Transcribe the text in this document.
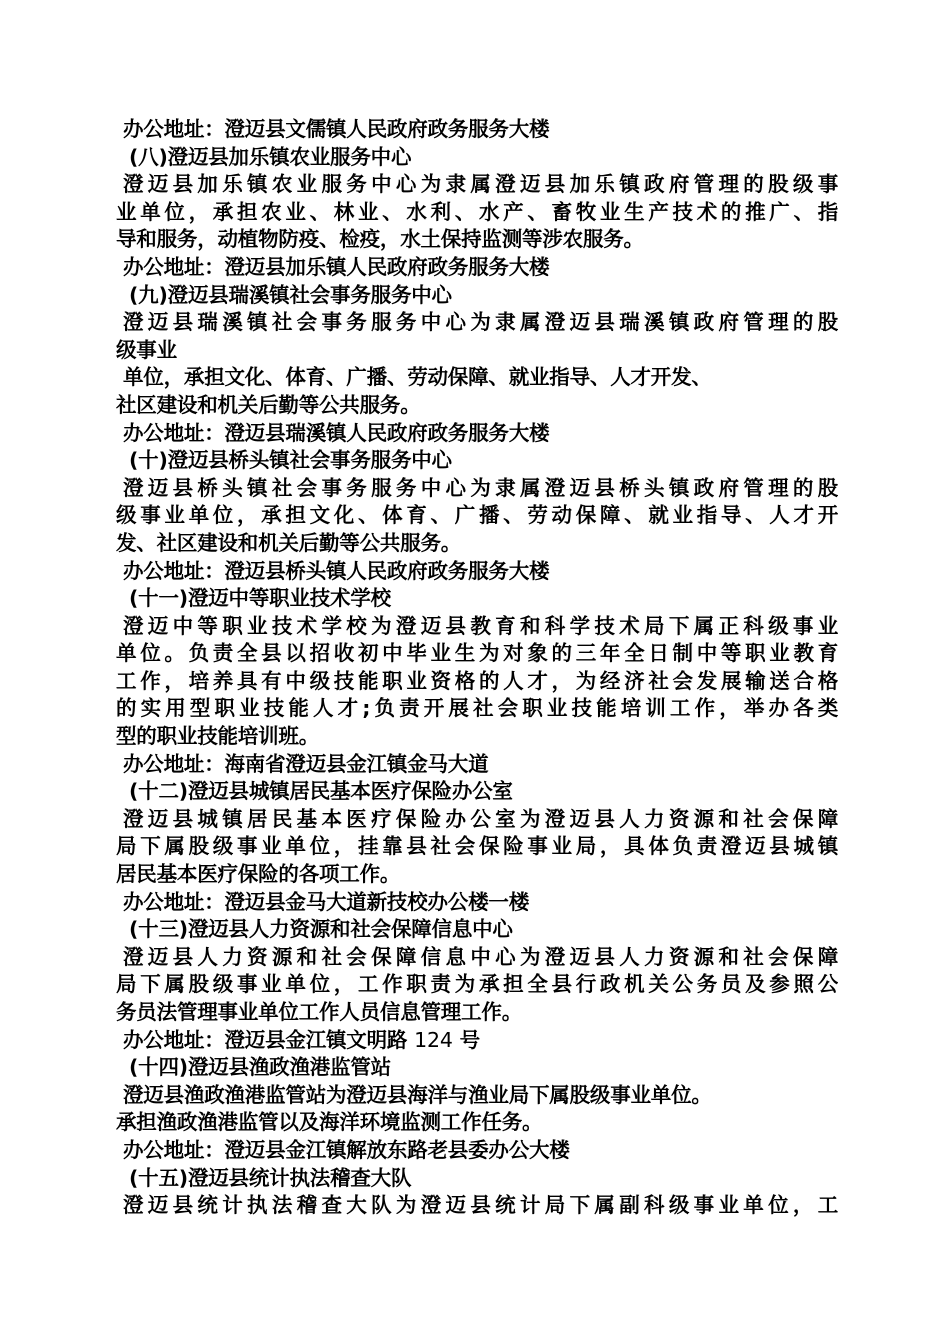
办公地址：澄迈县文儒镇人民政府政务服务大楼
(八)澄迈县加乐镇农业服务中心
澄迈县加乐镇农业服务中心为隶属澄迈县加乐镇政府管理的股级事
业单位，承担农业、林业、水利、水产、畜牧业生产技术的推广、指
导和服务，动植物防疫、检疫，水土保持监测等涉农服务。
办公地址：澄迈县加乐镇人民政府政务服务大楼
(九)澄迈县瑞溪镇社会事务服务中心
澄迈县瑞溪镇社会事务服务中心为隶属澄迈县瑞溪镇政府管理的股
级事业
单位，承担文化、体育、广播、劳动保障、就业指导、人才开发、
社区建设和机关后勤等公共服务。
办公地址：澄迈县瑞溪镇人民政府政务服务大楼
(十)澄迈县桥头镇社会事务服务中心
澄迈县桥头镇社会事务服务中心为隶属澄迈县桥头镇政府管理的股
级事业单位，承担文化、体育、广播、劳动保障、就业指导、人才开
发、社区建设和机关后勤等公共服务。
办公地址：澄迈县桥头镇人民政府政务服务大楼
(十一)澄迈中等职业技术学校
澄迈中等职业技术学校为澄迈县教育和科学技术局下属正科级事业
单位。负责全县以招收初中毕业生为对象的三年全日制中等职业教育
工作，培养具有中级技能职业资格的人才，为经济社会发展输送合格
的实用型职业技能人才;负责开展社会职业技能培训工作，举办各类
型的职业技能培训班。
办公地址：海南省澄迈县金江镇金马大道
(十二)澄迈县城镇居民基本医疗保险办公室
澄迈县城镇居民基本医疗保险办公室为澄迈县人力资源和社会保障
局下属股级事业单位，挂靠县社会保险事业局，具体负责澄迈县城镇
居民基本医疗保险的各项工作。
办公地址：澄迈县金马大道新技校办公楼一楼
(十三)澄迈县人力资源和社会保障信息中心
澄迈县人力资源和社会保障信息中心为澄迈县人力资源和社会保障
局下属股级事业单位，工作职责为承担全县行政机关公务员及参照公
务员法管理事业单位工作人员信息管理工作。
办公地址：澄迈县金江镇文明路 124 号
(十四)澄迈县渔政渔港监管站
澄迈县渔政渔港监管站为澄迈县海洋与渔业局下属股级事业单位。
承担渔政渔港监管以及海洋环境监测工作任务。
办公地址：澄迈县金江镇解放东路老县委办公大楼
(十五)澄迈县统计执法稽查大队
澄迈县统计执法稽查大队为澄迈县统计局下属副科级事业单位，工
